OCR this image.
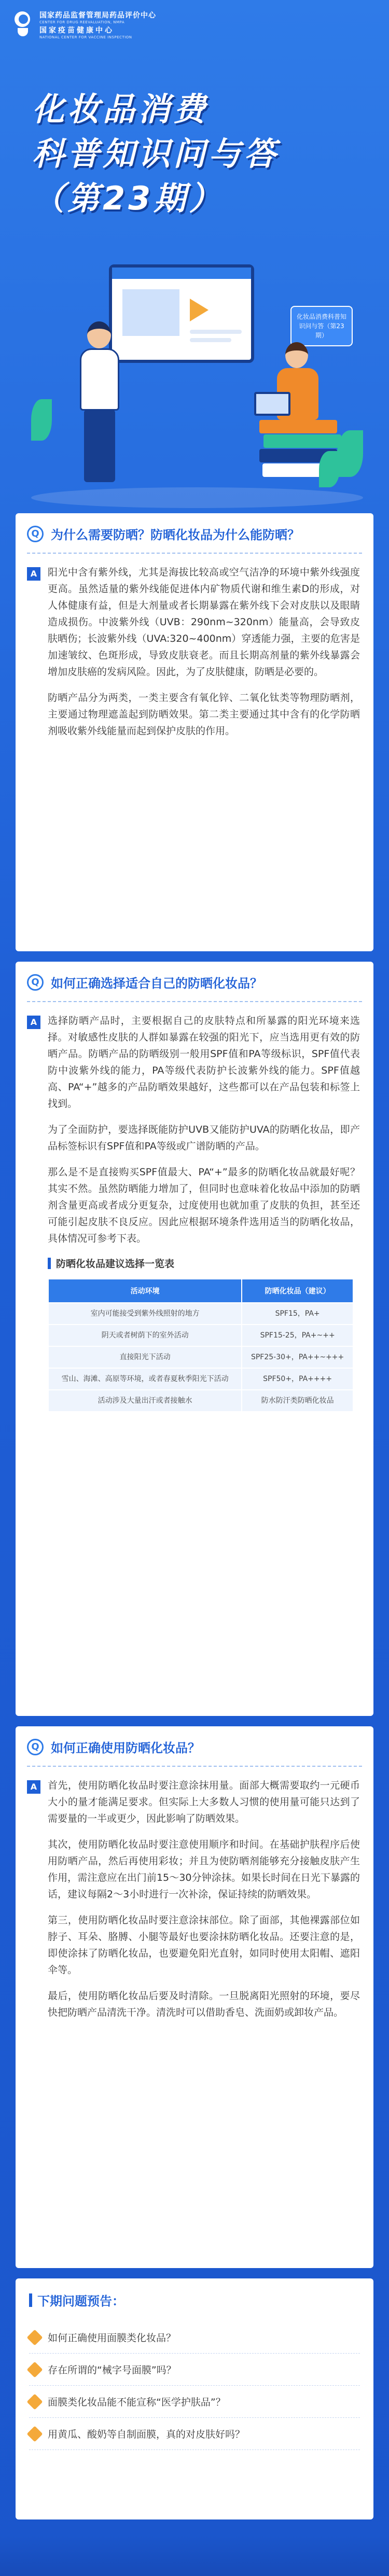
国家药品监督管理局药品评价中心
CENTER FOR DRUG REEVALUATION, NMPA
国家疫苗健康中心
NATIONAL CENTER FOR VACCINE INSPECTION
化妆品消费
科普知识问与答
（第23期）
化妆品消费科普知识问与答（第23期）
Q 为什么需要防晒？防晒化妆品为什么能防晒？
A	阳光中含有紫外线，尤其是海拔比较高或空气洁净的环境中紫外线强度更高。虽然适量的紫外线能促进体内矿物质代谢和维生素D的形成，对人体健康有益，但是大剂量或者长期暴露在紫外线下会对皮肤以及眼睛造成损伤。中波紫外线（UVB：290nm~320nm）能量高，会导致皮肤晒伤；长波紫外线（UVA:320~400nm）穿透能力强，主要的危害是加速皱纹、色斑形成，导致皮肤衰老。而且长期高剂量的紫外线暴露会增加皮肤癌的发病风险。因此，为了皮肤健康，防晒是必要的。

防晒产品分为两类，一类主要含有氧化锌、二氧化钛类等物理防晒剂，主要通过物理遮盖起到防晒效果。第二类主要通过其中含有的化学防晒剂吸收紫外线能量而起到保护皮肤的作用。

Q 如何正确选择适合自己的防晒化妆品？
A	选择防晒产品时，主要根据自己的皮肤特点和所暴露的阳光环境来选择。对敏感性皮肤的人群如暴露在较强的阳光下，应当选用更有效的防晒产品。防晒产品的防晒级别一般用SPF值和PA等级标识，SPF值代表防中波紫外线的能力，PA等级代表防护长波紫外线的能力。SPF值越高、PA“+”越多的产品防晒效果越好，这些都可以在产品包装和标签上找到。

为了全面防护，要选择既能防护UVB又能防护UVA的防晒化妆品，即产品标签标识有SPF值和PA等级或广谱防晒的产品。

那么是不是直接购买SPF值最大、PA“+”最多的防晒化妆品就最好呢？其实不然。虽然防晒能力增加了，但同时也意味着化妆品中添加的防晒剂含量更高或者成分更复杂，过度使用也就加重了皮肤的负担，甚至还可能引起皮肤不良反应。因此应根据环境条件选用适当的防晒化妆品，具体情况可参考下表。

防晒化妆品建议选择一览表
活动环境	防晒化妆品（建议）
室内可能接受到紫外线照射的地方	SPF15，PA+
阴天或者树荫下的室外活动	SPF15-25，PA+~++
直接阳光下活动	SPF25-30+，PA++~+++
雪山、海滩、高原等环境，或者春夏秋季阳光下活动	SPF50+，PA++++
活动涉及大量出汗或者接触水	防水防汗类防晒化妆品
Q 如何正确使用防晒化妆品？
A	首先，使用防晒化妆品时要注意涂抹用量。面部大概需要取约一元硬币大小的量才能满足要求。但实际上大多数人习惯的使用量可能只达到了需要量的一半或更少，因此影响了防晒效果。

其次，使用防晒化妆品时要注意使用顺序和时间。在基础护肤程序后使用防晒产品，然后再使用彩妆；并且为使防晒剂能够充分接触皮肤产生作用，需注意应在出门前15～30分钟涂抹。如果长时间在日光下暴露的话，建议每隔2～3小时进行一次补涂，保证持续的防晒效果。

第三，使用防晒化妆品时要注意涂抹部位。除了面部，其他裸露部位如脖子、耳朵、胳膊、小腿等最好也要涂抹防晒化妆品。还要注意的是，即使涂抹了防晒化妆品，也要避免阳光直射，如同时使用太阳帽、遮阳伞等。

最后，使用防晒化妆品后要及时清除。一旦脱离阳光照射的环境，要尽快把防晒产品清洗干净。清洗时可以借助香皂、洗面奶或卸妆产品。

下期问题预告：
如何正确使用面膜类化妆品？
存在所谓的“械字号面膜”吗？
面膜类化妆品能不能宣称“医学护肤品”？
用黄瓜、酸奶等自制面膜，真的对皮肤好吗？
